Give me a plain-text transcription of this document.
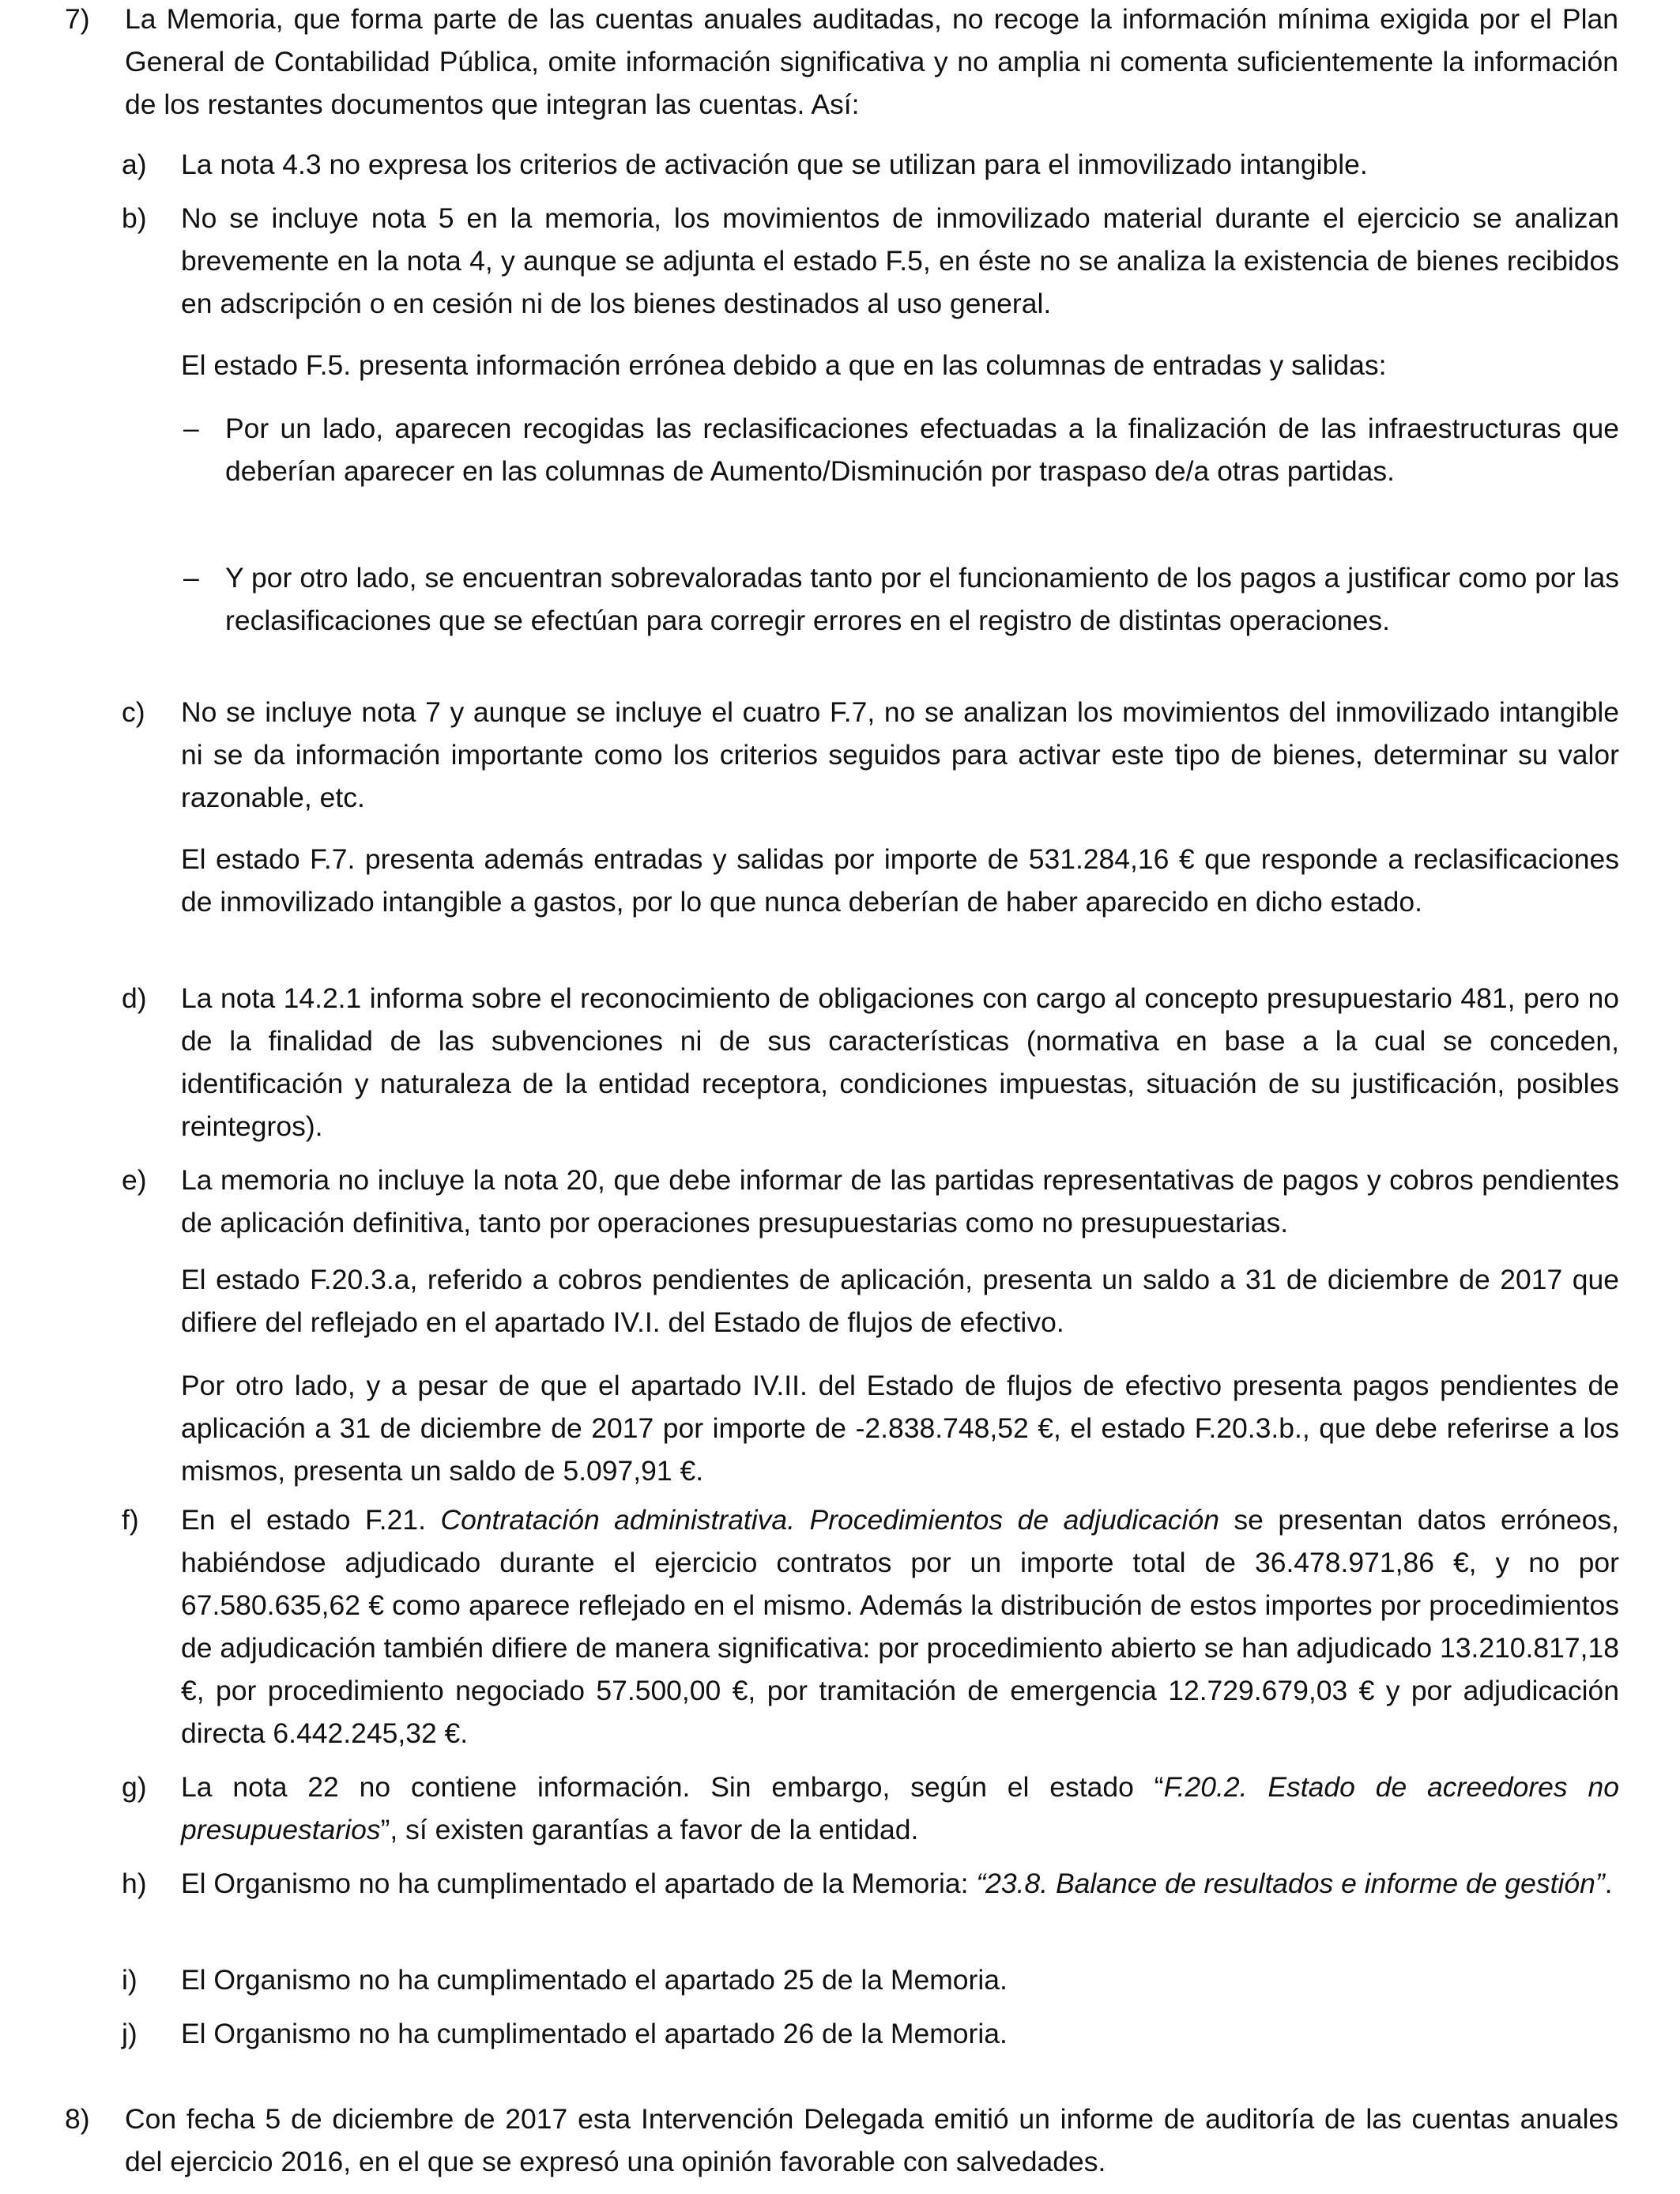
7)	La Memoria, que forma parte de las cuentas anuales auditadas, no recoge la información mínima exigida por el Plan General de Contabilidad Pública, omite información significativa y no amplia ni comenta suficientemente la información de los restantes documentos que integran las cuentas. Así:
a)	La nota 4.3 no expresa los criterios de activación que se utilizan para el inmovilizado intangible.
b)	No se incluye nota 5 en la memoria, los movimientos de inmovilizado material durante el ejercicio se analizan brevemente en la nota 4, y aunque se adjunta el estado F.5, en éste no se analiza la existencia de bienes recibidos en adscripción o en cesión ni de los bienes destinados al uso general.
El estado F.5. presenta información errónea debido a que en las columnas de entradas y salidas:
– Por un lado, aparecen recogidas las reclasificaciones efectuadas a la finalización de las infraestructuras que deberían aparecer en las columnas de Aumento/Disminución por traspaso de/a otras partidas.
– Y por otro lado, se encuentran sobrevaloradas tanto por el funcionamiento de los pagos a justificar como por las reclasificaciones que se efectúan para corregir errores en el registro de distintas operaciones.
c)	No se incluye nota 7 y aunque se incluye el cuatro F.7, no se analizan los movimientos del inmovilizado intangible ni se da información importante como los criterios seguidos para activar este tipo de bienes, determinar su valor razonable, etc.
El estado F.7. presenta además entradas y salidas por importe de 531.284,16 € que responde a reclasificaciones de inmovilizado intangible a gastos, por lo que nunca deberían de haber aparecido en dicho estado.
d)	La nota 14.2.1 informa sobre el reconocimiento de obligaciones con cargo al concepto presupuestario 481, pero no de la finalidad de las subvenciones ni de sus características (normativa en base a la cual se conceden, identificación y naturaleza de la entidad receptora, condiciones impuestas, situación de su justificación, posibles reintegros).
e)	La memoria no incluye la nota 20, que debe informar de las partidas representativas de pagos y cobros pendientes de aplicación definitiva, tanto por operaciones presupuestarias como no presupuestarias.
El estado F.20.3.a, referido a cobros pendientes de aplicación, presenta un saldo a 31 de diciembre de 2017 que difiere del reflejado en el apartado IV.I. del Estado de flujos de efectivo.
Por otro lado, y a pesar de que el apartado IV.II. del Estado de flujos de efectivo presenta pagos pendientes de aplicación a 31 de diciembre de 2017 por importe de -2.838.748,52 €, el estado F.20.3.b., que debe referirse a los mismos, presenta un saldo de 5.097,91 €.
f)	En el estado F.21. Contratación administrativa. Procedimientos de adjudicación se presentan datos erróneos, habiéndose adjudicado durante el ejercicio contratos por un importe total de 36.478.971,86 €, y no por 67.580.635,62 € como aparece reflejado en el mismo. Además la distribución de estos importes por procedimientos de adjudicación también difiere de manera significativa: por procedimiento abierto se han adjudicado 13.210.817,18 €, por procedimiento negociado 57.500,00 €, por tramitación de emergencia 12.729.679,03 € y por adjudicación directa 6.442.245,32 €.
g)	La nota 22 no contiene información. Sin embargo, según el estado “F.20.2. Estado de acreedores no presupuestarios”, sí existen garantías a favor de la entidad.
h)	El Organismo no ha cumplimentado el apartado de la Memoria: “23.8. Balance de resultados e informe de gestión”.
i)	El Organismo no ha cumplimentado el apartado 25 de la Memoria.
j)	El Organismo no ha cumplimentado el apartado 26 de la Memoria.
8)	Con fecha 5 de diciembre de 2017 esta Intervención Delegada emitió un informe de auditoría de las cuentas anuales del ejercicio 2016, en el que se expresó una opinión favorable con salvedades.
